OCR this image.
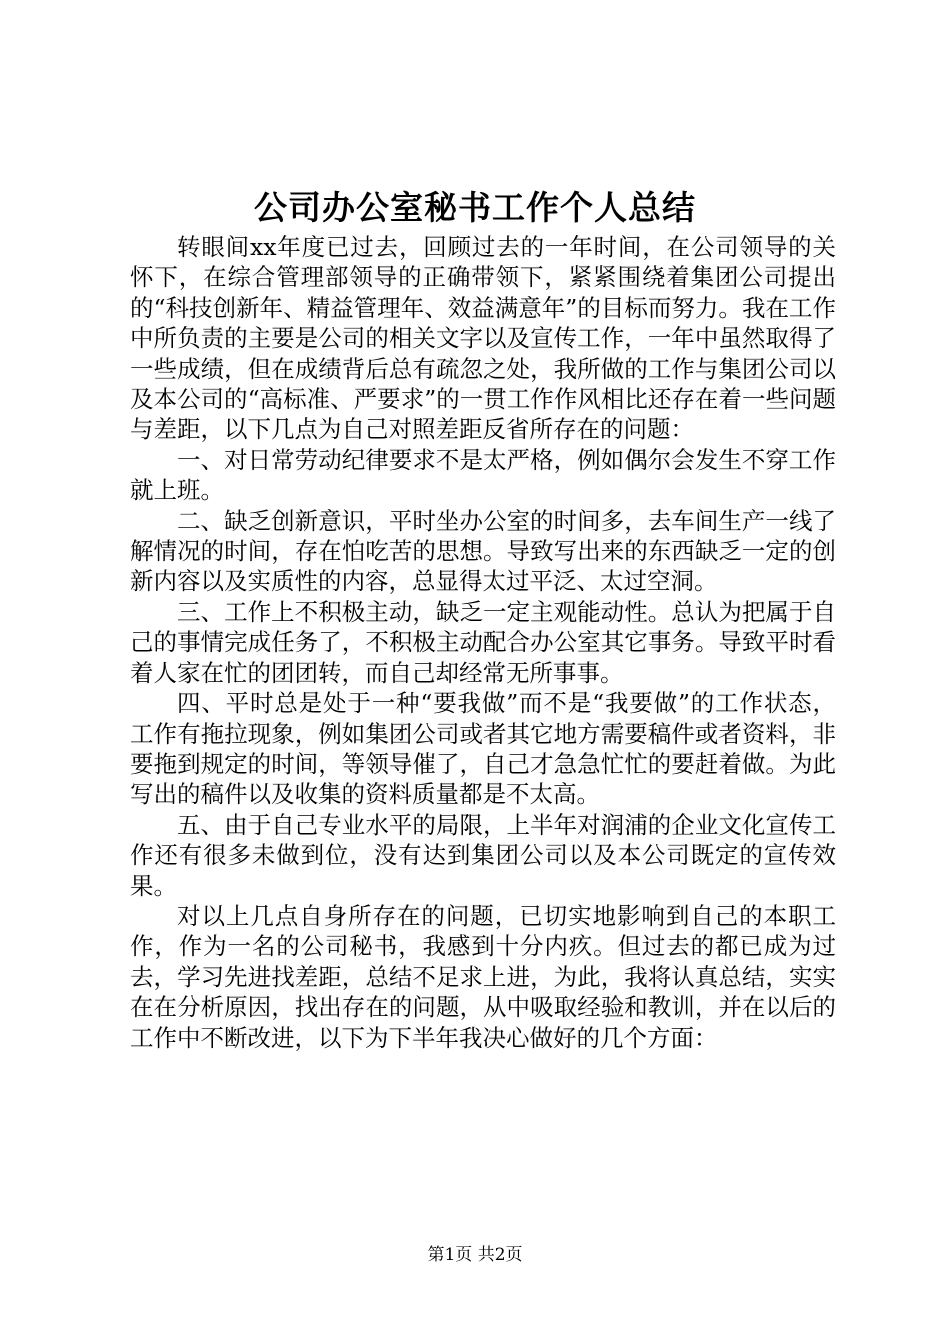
公司办公室秘书工作个人总结

转眼间xx年度已过去，回顾过去的一年时间，在公司领导的关怀下，在综合管理部领导的正确带领下，紧紧围绕着集团公司提出的“科技创新年、精益管理年、效益满意年”的目标而努力。我在工作中所负责的主要是公司的相关文字以及宣传工作，一年中虽然取得了一些成绩，但在成绩背后总有疏忽之处，我所做的工作与集团公司以及本公司的“高标准、严要求”的一贯工作作风相比还存在着一些问题与差距，以下几点为自己对照差距反省所存在的问题：

一、对日常劳动纪律要求不是太严格，例如偶尔会发生不穿工作就上班。

二、缺乏创新意识，平时坐办公室的时间多，去车间生产一线了解情况的时间，存在怕吃苦的思想。导致写出来的东西缺乏一定的创新内容以及实质性的内容，总显得太过平泛、太过空洞。

三、工作上不积极主动，缺乏一定主观能动性。总认为把属于自己的事情完成任务了，不积极主动配合办公室其它事务。导致平时看着人家在忙的团团转，而自己却经常无所事事。

四、平时总是处于一种“要我做”而不是“我要做”的工作状态，工作有拖拉现象，例如集团公司或者其它地方需要稿件或者资料，非要拖到规定的时间，等领导催了，自己才急急忙忙的要赶着做。为此写出的稿件以及收集的资料质量都是不太高。

五、由于自己专业水平的局限，上半年对润浦的企业文化宣传工作还有很多未做到位，没有达到集团公司以及本公司既定的宣传效果。

对以上几点自身所存在的问题，已切实地影响到自己的本职工作，作为一名的公司秘书，我感到十分内疚。但过去的都已成为过去，学习先进找差距，总结不足求上进，为此，我将认真总结，实实在在分析原因，找出存在的问题，从中吸取经验和教训，并在以后的工作中不断改进，以下为下半年我决心做好的几个方面：

第1页 共2页
